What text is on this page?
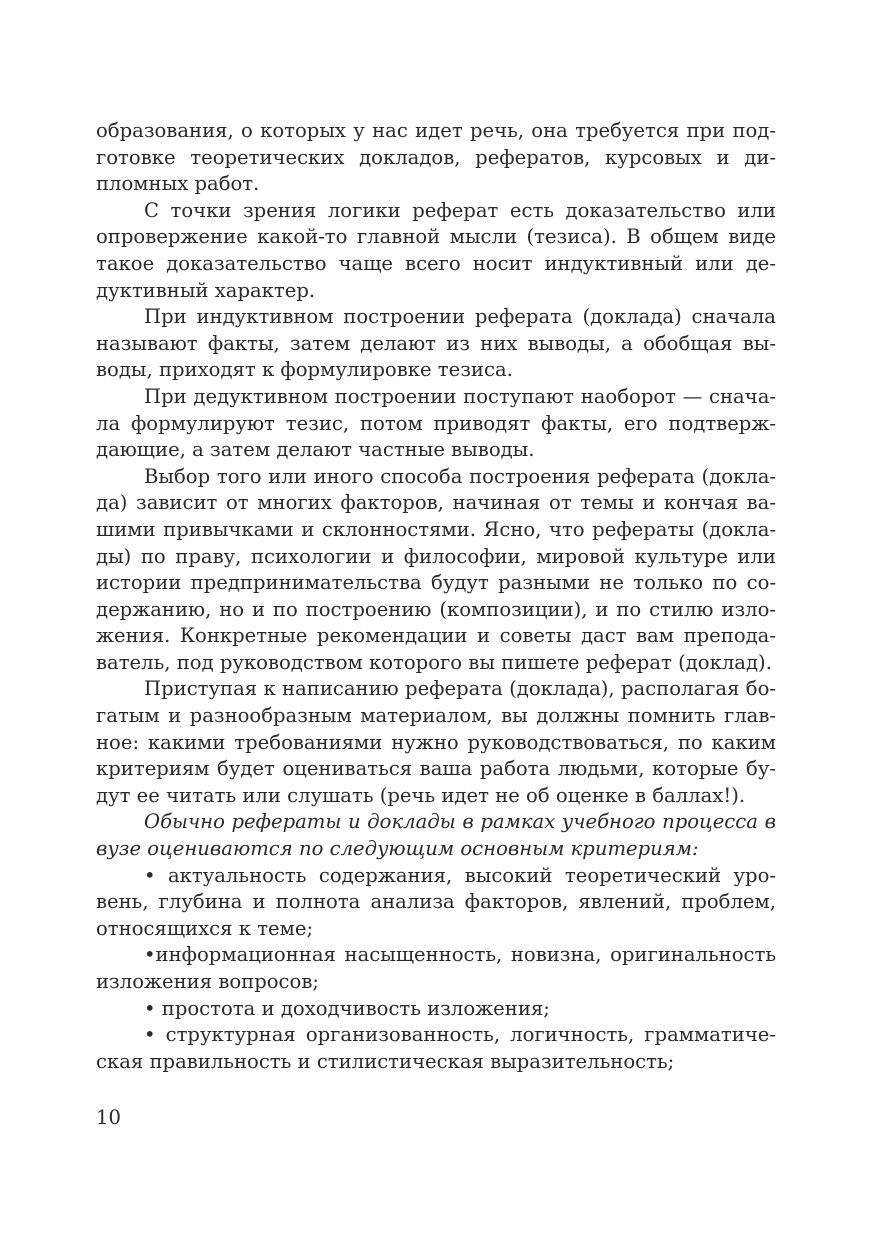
образования, о которых у нас идет речь, она требуется при под-
готовке теоретических докладов, рефератов, курсовых и ди-
пломных работ.
С точки зрения логики реферат есть доказательство или
опровержение какой-то главной мысли (тезиса). В общем виде
такое доказательство чаще всего носит индуктивный или де-
дуктивный характер.
При индуктивном построении реферата (доклада) сначала
называют факты, затем делают из них выводы, а обобщая вы-
воды, приходят к формулировке тезиса.
При дедуктивном построении поступают наоборот — снача-
ла формулируют тезис, потом приводят факты, его подтверж-
дающие, а затем делают частные выводы.
Выбор того или иного способа построения реферата (докла-
да) зависит от многих факторов, начиная от темы и кончая ва-
шими привычками и склонностями. Ясно, что рефераты (докла-
ды) по праву, психологии и философии, мировой культуре или
истории предпринимательства будут разными не только по со-
держанию, но и по построению (композиции), и по стилю изло-
жения. Конкретные рекомендации и советы даст вам препода-
ватель, под руководством которого вы пишете реферат (доклад).
Приступая к написанию реферата (доклада), располагая бо-
гатым и разнообразным материалом, вы должны помнить глав-
ное: какими требованиями нужно руководствоваться, по каким
критериям будет оцениваться ваша работа людьми, которые бу-
дут ее читать или слушать (речь идет не об оценке в баллах!).
Обычно рефераты и доклады в рамках учебного процесса в
вузе оцениваются по следующим основным критериям:
• актуальность содержания, высокий теоретический уро-
вень, глубина и полнота анализа факторов, явлений, проблем,
относящихся к теме;
•информационная насыщенность, новизна, оригинальность
изложения вопросов;
• простота и доходчивость изложения;
• структурная организованность, логичность, грамматиче-
ская правильность и стилистическая выразительность;
10
